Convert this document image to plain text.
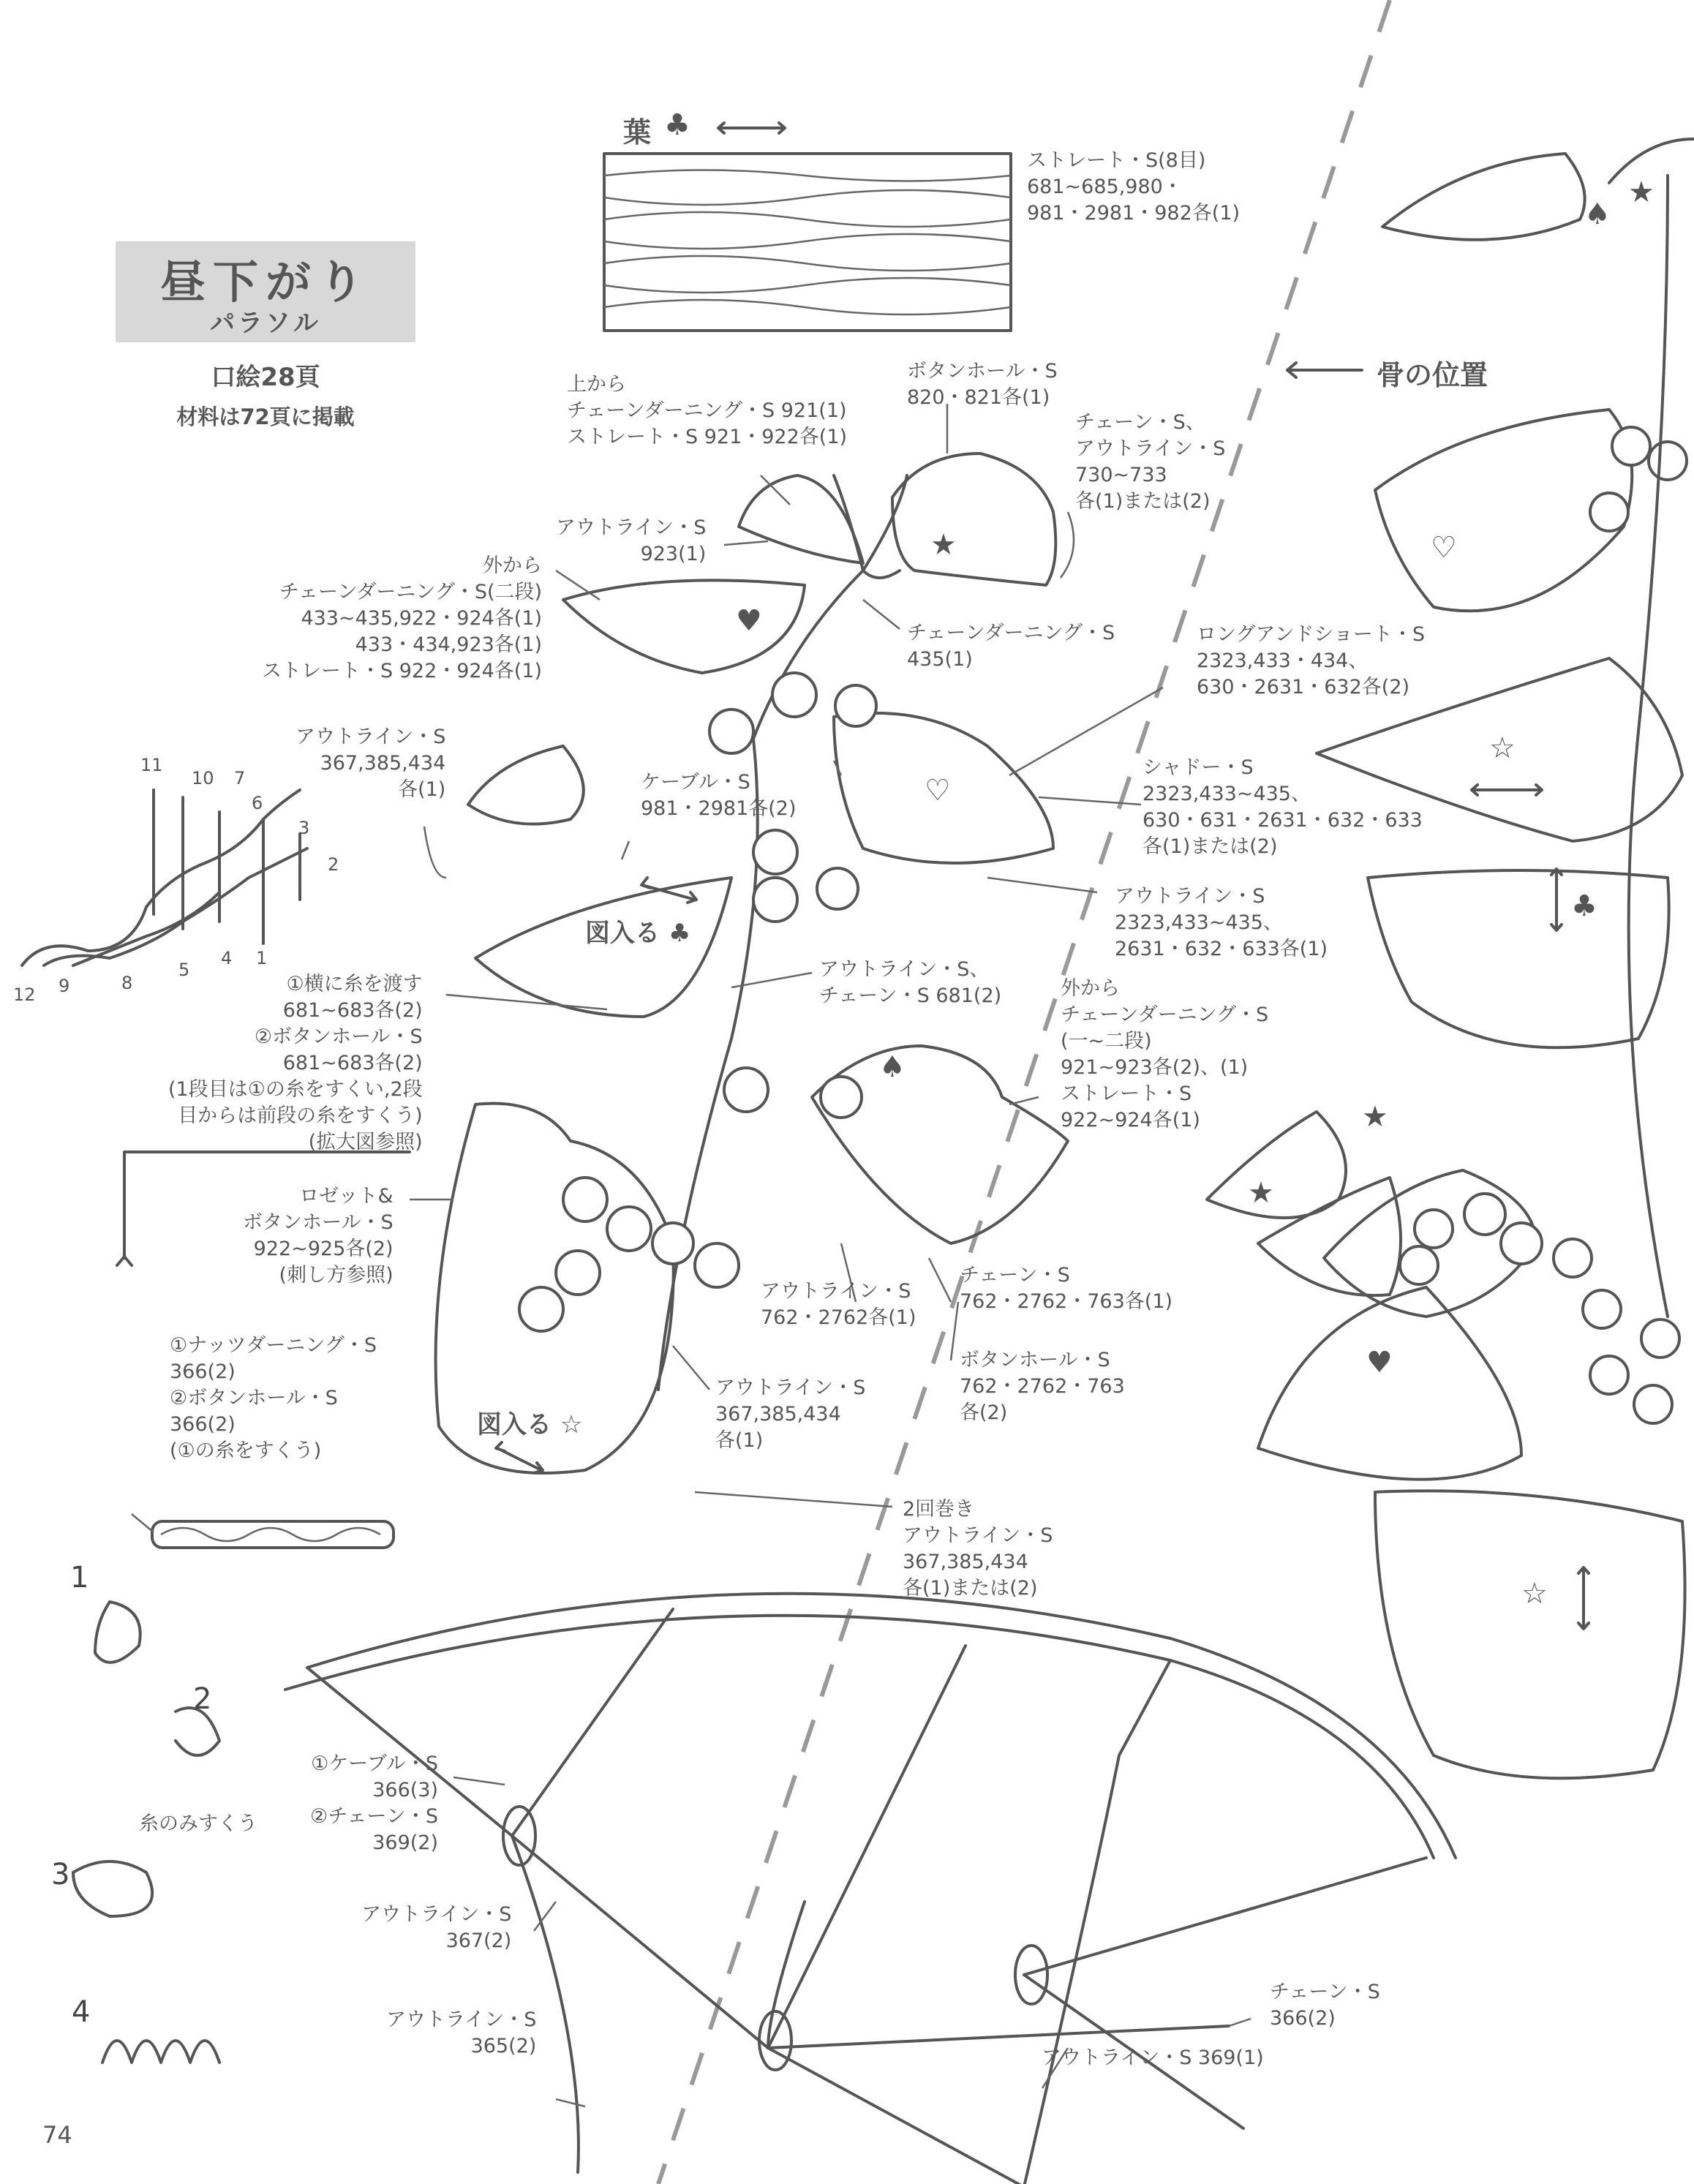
昼下がり
パラソル
口絵28頁
材料は72頁に掲載
葉 ♣
ストレート・S(8目)
681~685,980・
981・2981・982各(1)
骨の位置
上から
チェーンダーニング・S 921(1)
ストレート・S 921・922各(1)
ボタンホール・S
820・821各(1)
チェーン・S、
アウトライン・S
730~733
各(1)または(2)
アウトライン・S
923(1)
外から
チェーンダーニング・S(二段)
433~435,922・924各(1)
433・434,923各(1)
ストレート・S 922・924各(1)
チェーンダーニング・S
435(1)
ロングアンドショート・S
2323,433・434、
630・2631・632各(2)
アウトライン・S
367,385,434
各(1)	ケーブル・S
981・2981各(2)
シャドー・S
2323,433~435、
630・631・2631・632・633
各(1)または(2)
アウトライン・S
2323,433~435、
2631・632・633各(1)
アウトライン・S、
チェーン・S 681(2)
①横に糸を渡す
681~683各(2)
②ボタンホール・S
681~683各(2)
(1段目は①の糸をすくい,2段
目からは前段の糸をすくう)
(拡大図参照)
外から
チェーンダーニング・S
(一~二段)
921~923各(2)、(1)
ストレート・S
922~924各(1)
ロゼット&
ボタンホール・S
922~925各(2)
(刺し方参照)
アウトライン・S
762・2762各(1)
チェーン・S
762・2762・763各(1)
①ナッツダーニング・S
366(2)
②ボタンホール・S
366(2)
(①の糸をすくう)
アウトライン・S
367,385,434
各(1)
ボタンホール・S
762・2762・763
各(2)
2回巻き
アウトライン・S
367,385,434
各(1)または(2)
①ケーブル・S
366(3)
②チェーン・S
369(2)
アウトライン・S
367(2)
アウトライン・S
365(2)
チェーン・S
366(2)
アウトライン・S 369(1)
糸のみすくう
図入る ♣
図入る ☆
1
2
3
4
11
10 7
6
3
2
12 9	8
5
4 1
♥
★
♡
♠
♠
★
♡
☆
♣
★
★
♥
☆
74
